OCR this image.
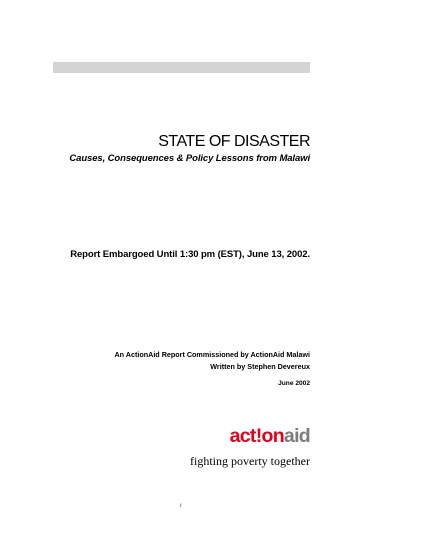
STATE OF DISASTER
Causes, Consequences & Policy Lessons from Malawi
Report Embargoed Until 1:30 pm (EST), June 13, 2002.
An ActionAid Report Commissioned by ActionAid Malawi
Written by Stephen Devereux
June 2002
act!onaid
fighting poverty together
i
